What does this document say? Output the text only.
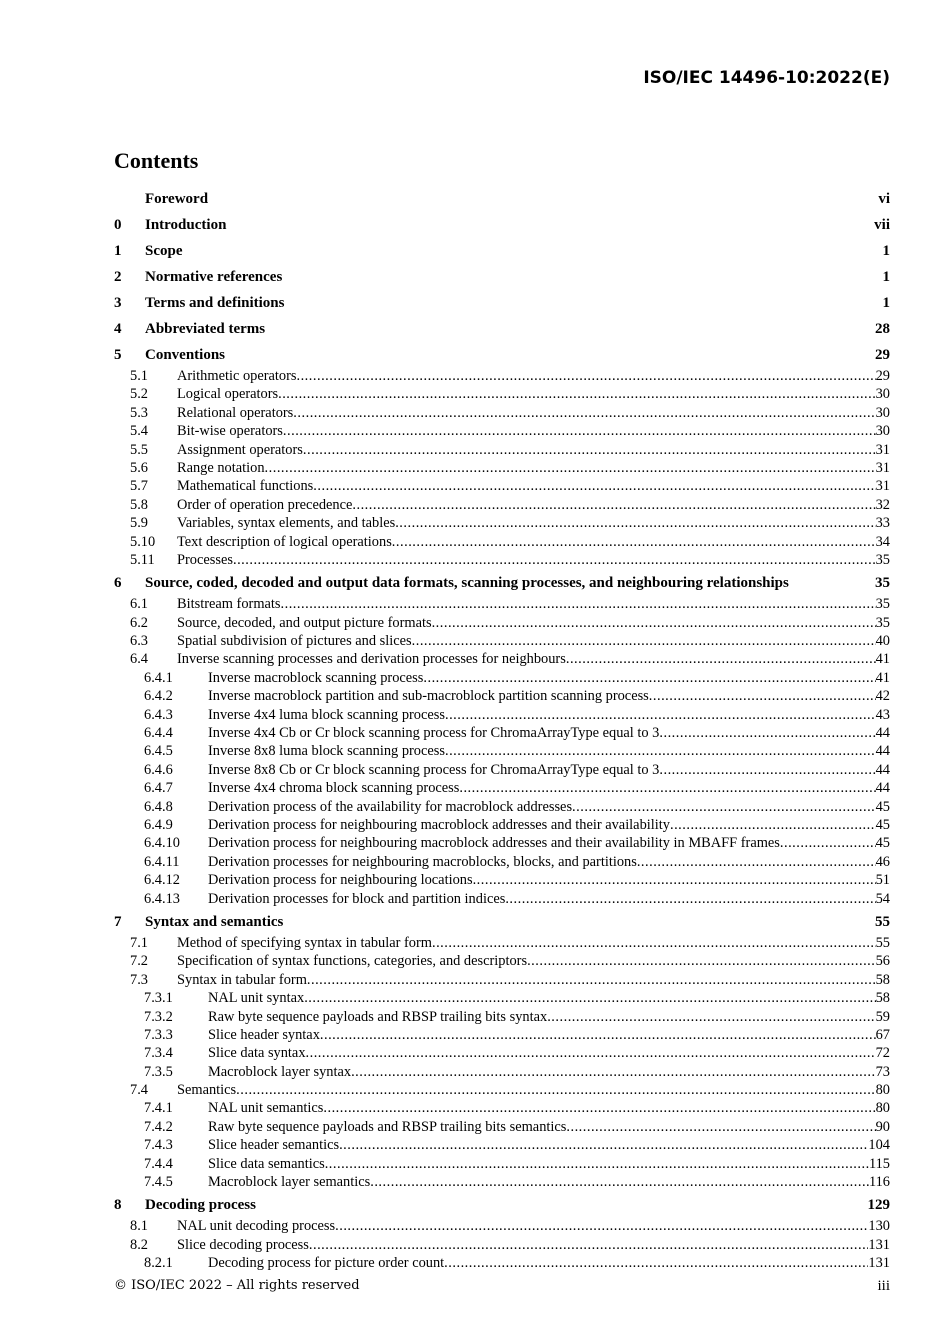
ISO/IEC 14496-10:2022(E)
Contents
Foreword	vi
0	Introduction	vii
1	Scope	1
2	Normative references	1
3	Terms and definitions	1
4	Abbreviated terms	28
5	Conventions	29
5.1	Arithmetic operators .....	29
5.2	Logical operators .....	30
5.3	Relational operators .....	30
5.4	Bit-wise operators .....	30
5.5	Assignment operators .....	31
5.6	Range notation .....	31
5.7	Mathematical functions .....	31
5.8	Order of operation precedence .....	32
5.9	Variables, syntax elements, and tables .....	33
5.10	Text description of logical operations .....	34
5.11	Processes .....	35
6	Source, coded, decoded and output data formats, scanning processes, and neighbouring relationships	35
6.1	Bitstream formats .....	35
6.2	Source, decoded, and output picture formats .....	35
6.3	Spatial subdivision of pictures and slices .....	40
6.4	Inverse scanning processes and derivation processes for neighbours .....	41
6.4.1	Inverse macroblock scanning process .....	41
6.4.2	Inverse macroblock partition and sub-macroblock partition scanning process .....	42
6.4.3	Inverse 4x4 luma block scanning process .....	43
6.4.4	Inverse 4x4 Cb or Cr block scanning process for ChromaArrayType equal to 3 .....	44
6.4.5	Inverse 8x8 luma block scanning process .....	44
6.4.6	Inverse 8x8 Cb or Cr block scanning process for ChromaArrayType equal to 3 .....	44
6.4.7	Inverse 4x4 chroma block scanning process .....	44
6.4.8	Derivation process of the availability for macroblock addresses .....	45
6.4.9	Derivation process for neighbouring macroblock addresses and their availability .....	45
6.4.10	Derivation process for neighbouring macroblock addresses and their availability in MBAFF frames .....	45
6.4.11	Derivation processes for neighbouring macroblocks, blocks, and partitions .....	46
6.4.12	Derivation process for neighbouring locations .....	51
6.4.13	Derivation processes for block and partition indices .....	54
7	Syntax and semantics	55
7.1	Method of specifying syntax in tabular form .....	55
7.2	Specification of syntax functions, categories, and descriptors .....	56
7.3	Syntax in tabular form .....	58
7.3.1	NAL unit syntax .....	58
7.3.2	Raw byte sequence payloads and RBSP trailing bits syntax .....	59
7.3.3	Slice header syntax .....	67
7.3.4	Slice data syntax .....	72
7.3.5	Macroblock layer syntax .....	73
7.4	Semantics .....	80
7.4.1	NAL unit semantics .....	80
7.4.2	Raw byte sequence payloads and RBSP trailing bits semantics .....	90
7.4.3	Slice header semantics .....	104
7.4.4	Slice data semantics .....	115
7.4.5	Macroblock layer semantics .....	116
8	Decoding process	129
8.1	NAL unit decoding process .....	130
8.2	Slice decoding process .....	131
8.2.1	Decoding process for picture order count .....	131
© ISO/IEC 2022 – All rights reserved	iii
